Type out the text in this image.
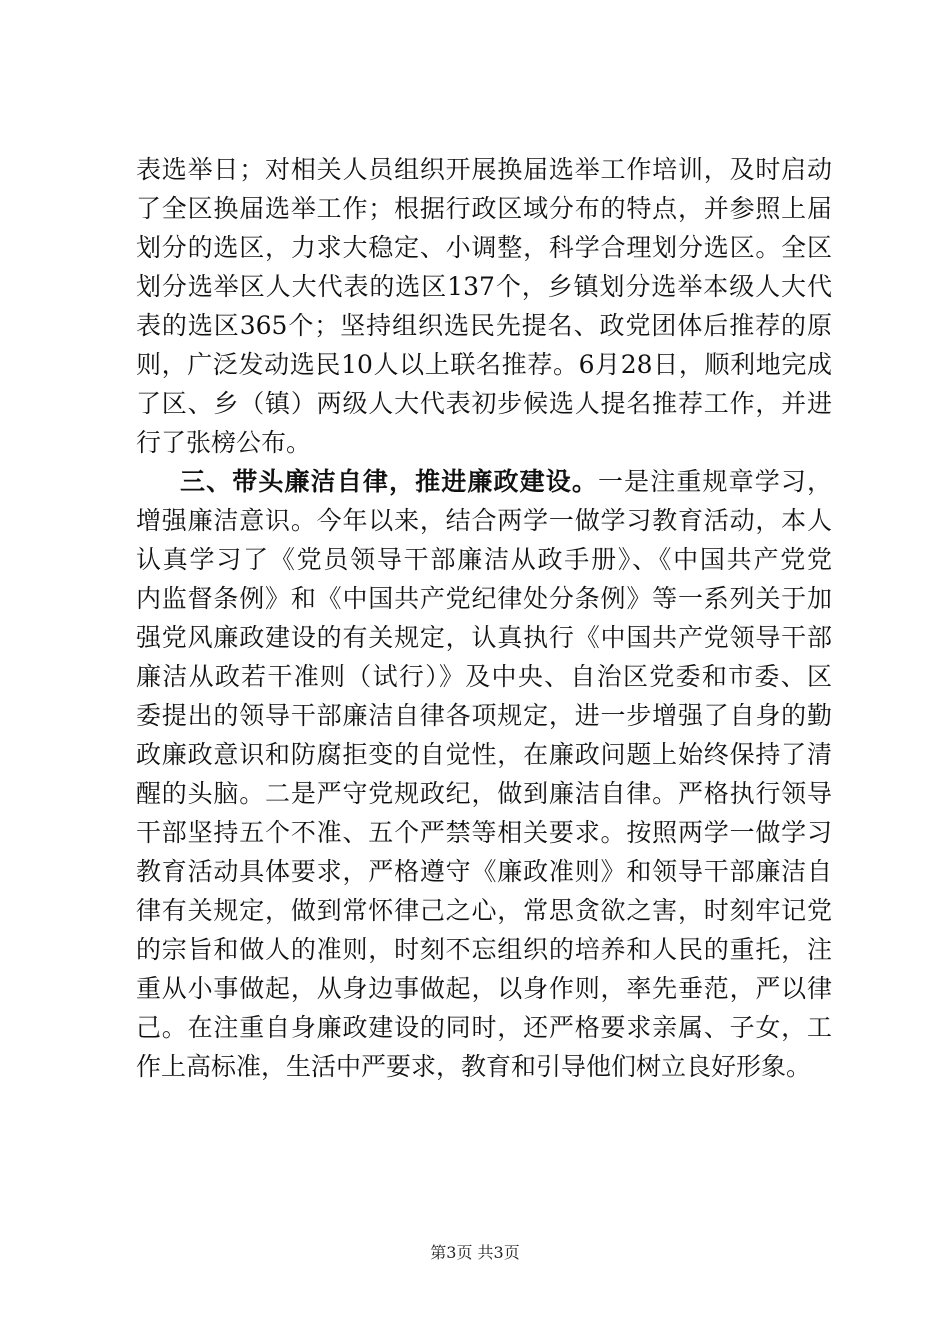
表选举日；对相关人员组织开展换届选举工作培训，及时启动
了全区换届选举工作；根据行政区域分布的特点，并参照上届
划分的选区，力求大稳定、小调整，科学合理划分选区。全区
划分选举区人大代表的选区137个，乡镇划分选举本级人大代
表的选区365个；坚持组织选民先提名、政党团体后推荐的原
则，广泛发动选民10人以上联名推荐。6月28日，顺利地完成
了区、乡（镇）两级人大代表初步候选人提名推荐工作，并进
行了张榜公布。
三、带头廉洁自律，推进廉政建设。一是注重规章学习，
增强廉洁意识。今年以来，结合两学一做学习教育活动，本人
认真学习了《党员领导干部廉洁从政手册》、《中国共产党党
内监督条例》和《中国共产党纪律处分条例》等一系列关于加
强党风廉政建设的有关规定，认真执行《中国共产党领导干部
廉洁从政若干准则（试行）》及中央、自治区党委和市委、区
委提出的领导干部廉洁自律各项规定，进一步增强了自身的勤
政廉政意识和防腐拒变的自觉性，在廉政问题上始终保持了清
醒的头脑。二是严守党规政纪，做到廉洁自律。严格执行领导
干部坚持五个不准、五个严禁等相关要求。按照两学一做学习
教育活动具体要求，严格遵守《廉政准则》和领导干部廉洁自
律有关规定，做到常怀律己之心，常思贪欲之害，时刻牢记党
的宗旨和做人的准则，时刻不忘组织的培养和人民的重托，注
重从小事做起，从身边事做起，以身作则，率先垂范，严以律
己。在注重自身廉政建设的同时，还严格要求亲属、子女，工
作上高标准，生活中严要求，教育和引导他们树立良好形象。
第3页 共3页
